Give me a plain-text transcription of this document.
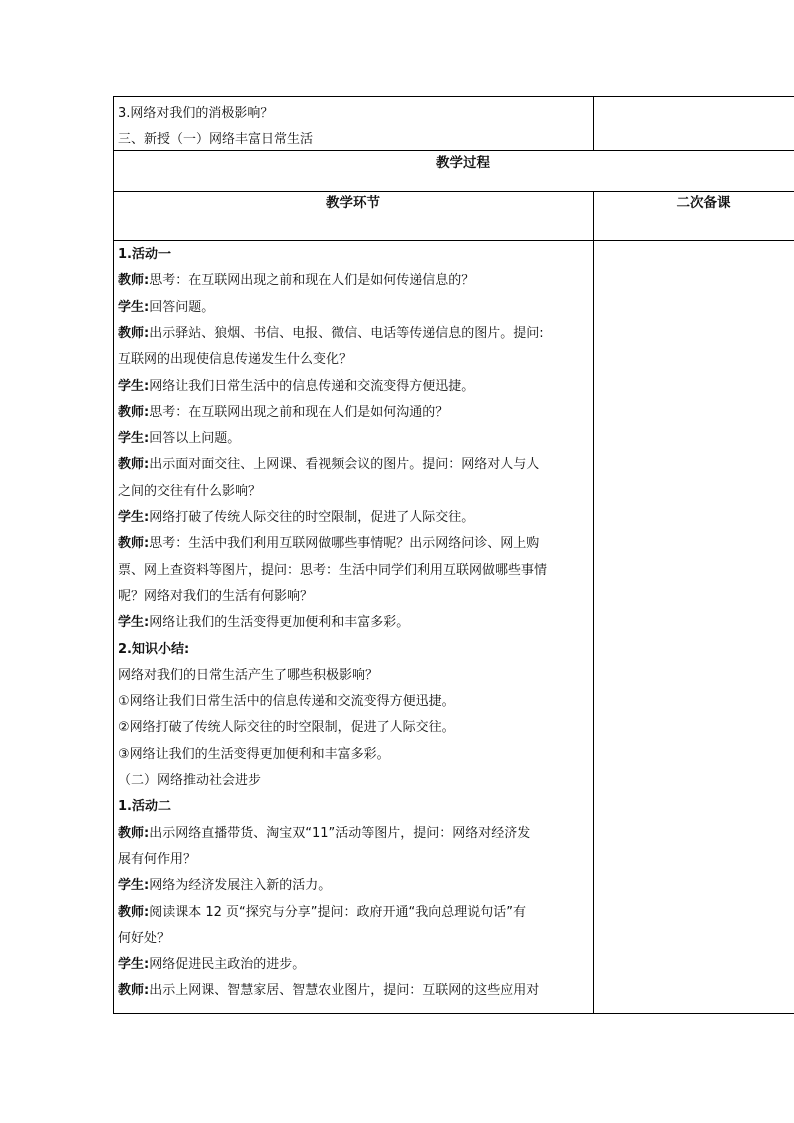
3.网络对我们的消极影响？
三、新授（一）网络丰富日常生活
教学过程
教学环节	二次备课
1.活动一
教师:思考：在互联网出现之前和现在人们是如何传递信息的？
学生:回答问题。
教师:出示驿站、狼烟、书信、电报、微信、电话等传递信息的图片。提问:
互联网的出现使信息传递发生什么变化？
学生:网络让我们日常生活中的信息传递和交流变得方便迅捷。
教师:思考：在互联网出现之前和现在人们是如何沟通的？
学生:回答以上问题。
教师:出示面对面交往、上网课、看视频会议的图片。提问：网络对人与人
之间的交往有什么影响？
学生:网络打破了传统人际交往的时空限制，促进了人际交往。
教师:思考：生活中我们利用互联网做哪些事情呢？出示网络问诊、网上购
票、网上查资料等图片，提问：思考：生活中同学们利用互联网做哪些事情
呢？网络对我们的生活有何影响？
学生:网络让我们的生活变得更加便利和丰富多彩。
2.知识小结:
网络对我们的日常生活产生了哪些积极影响？
①网络让我们日常生活中的信息传递和交流变得方便迅捷。
②网络打破了传统人际交往的时空限制，促进了人际交往。
③网络让我们的生活变得更加便利和丰富多彩。
（二）网络推动社会进步
1.活动二
教师:出示网络直播带货、淘宝双“11”活动等图片，提问：网络对经济发
展有何作用？
学生:网络为经济发展注入新的活力。
教师:阅读课本 12 页“探究与分享”提问：政府开通“我向总理说句话”有
何好处？
学生:网络促进民主政治的进步。
教师:出示上网课、智慧家居、智慧农业图片，提问：互联网的这些应用对
